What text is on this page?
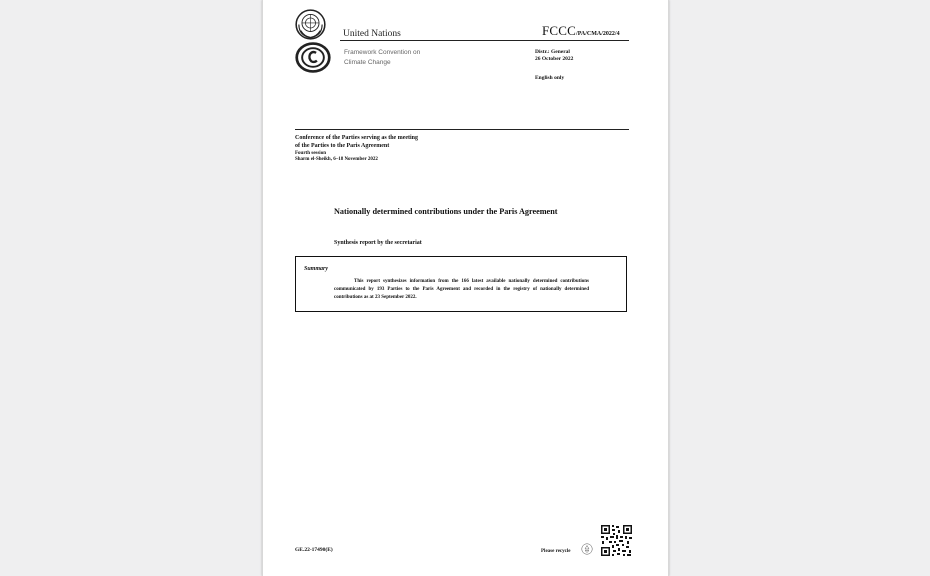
United Nations	FCCC/PA/CMA/2022/4
Framework Convention on
Climate Change
Distr.: General
26 October 2022
English only
Conference of the Parties serving as the meeting
of the Parties to the Paris Agreement
Fourth session
Sharm el-Sheikh, 6–18 November 2022
Nationally determined contributions under the Paris Agreement
Synthesis report by the secretariat
Summary
This report synthesizes information from the 166 latest available nationally determined contributions communicated by 193 Parties to the Paris Agreement and recorded in the registry of nationally determined contributions as at 23 September 2022.
GE.22-17490(E)	Please recycle
